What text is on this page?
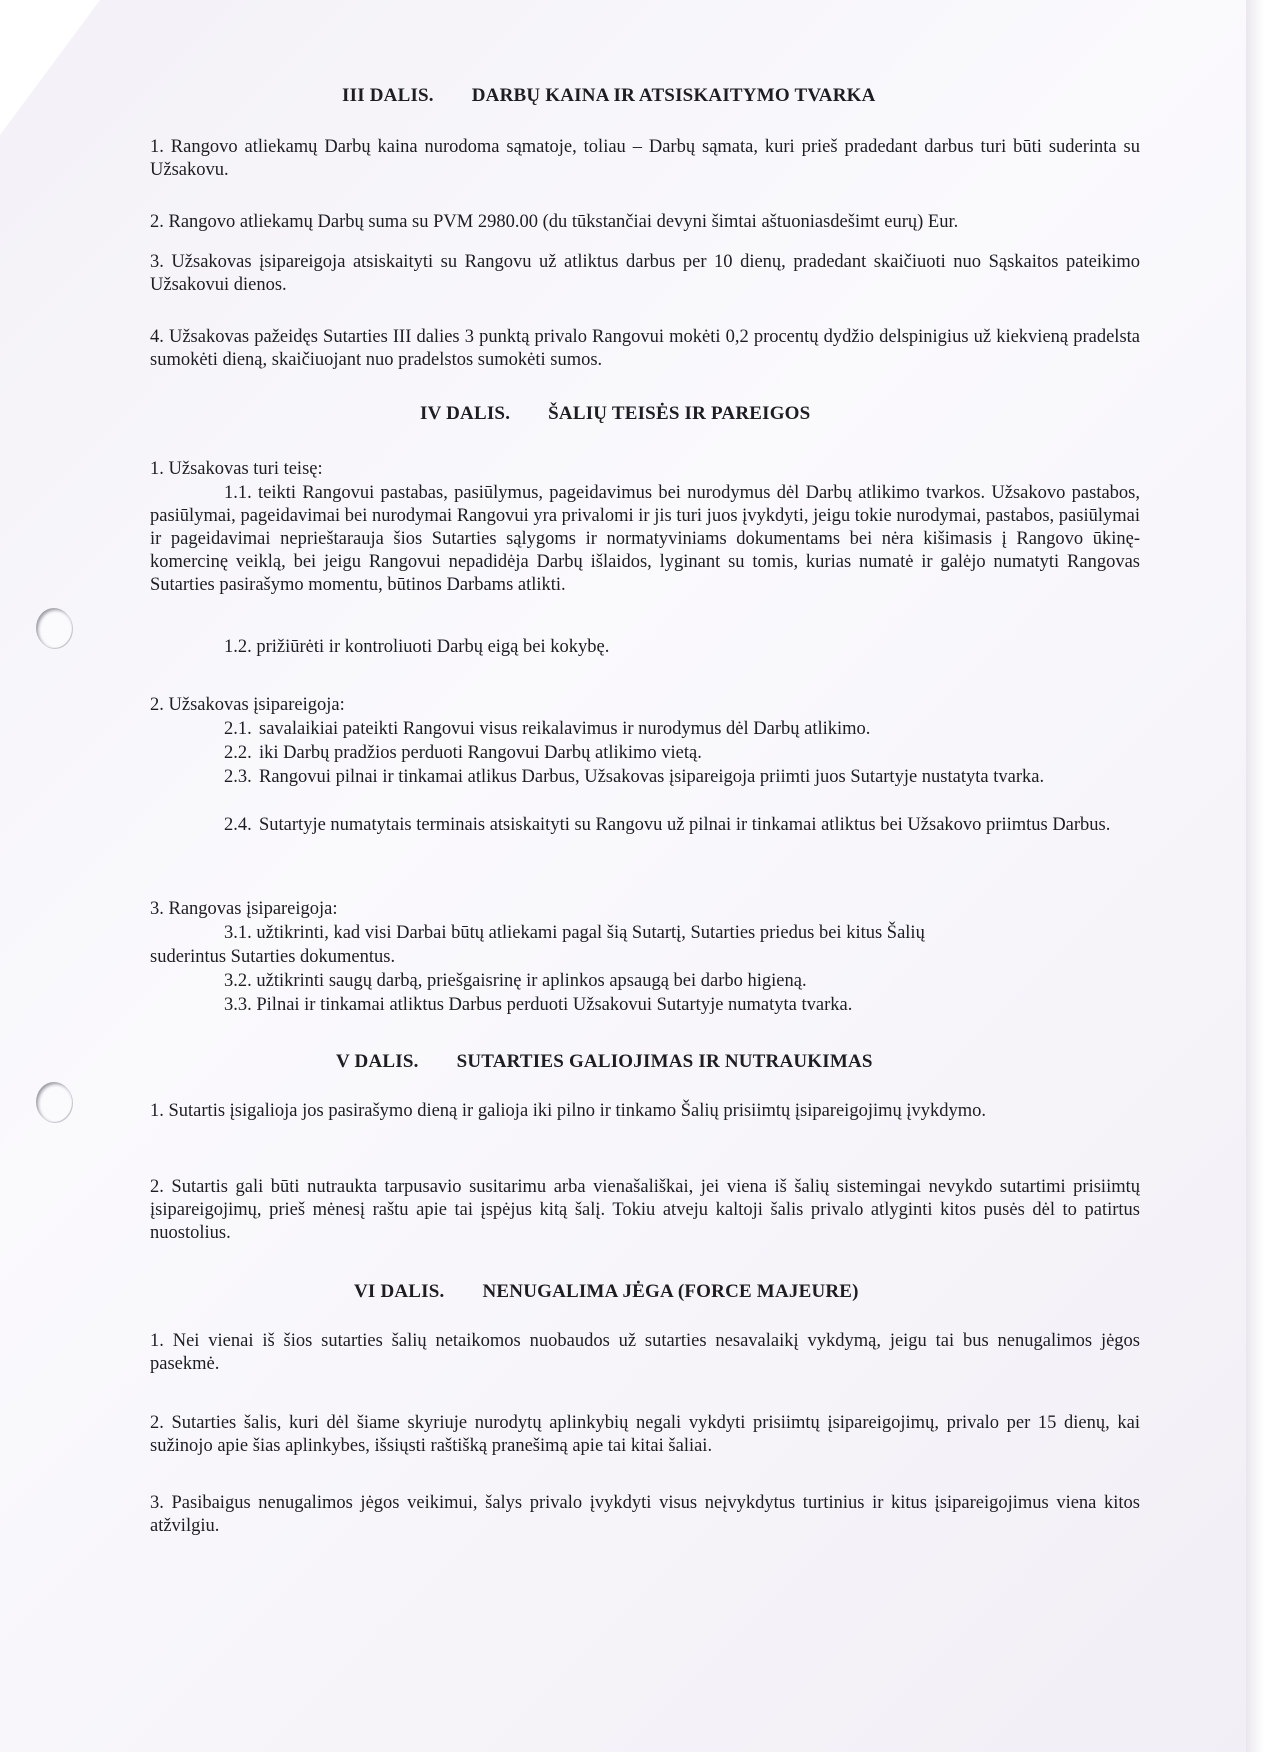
III DALIS. DARBŲ KAINA IR ATSISKAITYMO TVARKA
1. Rangovo atliekamų Darbų kaina nurodoma sąmatoje, toliau – Darbų sąmata, kuri prieš pradedant darbus turi būti suderinta su Užsakovu.
2. Rangovo atliekamų Darbų suma su PVM 2980.00 (du tūkstančiai devyni šimtai aštuoniasdešimt eurų) Eur.
3. Užsakovas įsipareigoja atsiskaityti su Rangovu už atliktus darbus per 10 dienų, pradedant skaičiuoti nuo Sąskaitos pateikimo Užsakovui dienos.
4. Užsakovas pažeidęs Sutarties III dalies 3 punktą privalo Rangovui mokėti 0,2 procentų dydžio delspinigius už kiekvieną pradelsta sumokėti dieną, skaičiuojant nuo pradelstos sumokėti sumos.
IV DALIS. ŠALIŲ TEISĖS IR PAREIGOS
1. Užsakovas turi teisę:
1.1. teikti Rangovui pastabas, pasiūlymus, pageidavimus bei nurodymus dėl Darbų atlikimo tvarkos. Užsakovo pastabos, pasiūlymai, pageidavimai bei nurodymai Rangovui yra privalomi ir jis turi juos įvykdyti, jeigu tokie nurodymai, pastabos, pasiūlymai ir pageidavimai neprieštarauja šios Sutarties sąlygoms ir normatyviniams dokumentams bei nėra kišimasis į Rangovo ūkinę-komercinę veiklą, bei jeigu Rangovui nepadidėja Darbų išlaidos, lyginant su tomis, kurias numatė ir galėjo numatyti Rangovas Sutarties pasirašymo momentu, būtinos Darbams atlikti.
1.2. prižiūrėti ir kontroliuoti Darbų eigą bei kokybę.
2. Užsakovas įsipareigoja:
2.1. savalaikiai pateikti Rangovui visus reikalavimus ir nurodymus dėl Darbų atlikimo.
2.2. iki Darbų pradžios perduoti Rangovui Darbų atlikimo vietą.
2.3. Rangovui pilnai ir tinkamai atlikus Darbus, Užsakovas įsipareigoja priimti juos Sutartyje nustatyta tvarka.
2.4. Sutartyje numatytais terminais atsiskaityti su Rangovu už pilnai ir tinkamai atliktus bei Užsakovo priimtus Darbus.
3. Rangovas įsipareigoja:
3.1. užtikrinti, kad visi Darbai būtų atliekami pagal šią Sutartį, Sutarties priedus bei kitus Šalių
suderintus Sutarties dokumentus.
3.2. užtikrinti saugų darbą, priešgaisrinę ir aplinkos apsaugą bei darbo higieną.
3.3. Pilnai ir tinkamai atliktus Darbus perduoti Užsakovui Sutartyje numatyta tvarka.
V DALIS. SUTARTIES GALIOJIMAS IR NUTRAUKIMAS
1. Sutartis įsigalioja jos pasirašymo dieną ir galioja iki pilno ir tinkamo Šalių prisiimtų įsipareigojimų įvykdymo.
2. Sutartis gali būti nutraukta tarpusavio susitarimu arba vienašališkai, jei viena iš šalių sistemingai nevykdo sutartimi prisiimtų įsipareigojimų, prieš mėnesį raštu apie tai įspėjus kitą šalį. Tokiu atveju kaltoji šalis privalo atlyginti kitos pusės dėl to patirtus nuostolius.
VI DALIS. NENUGALIMA JĖGA (FORCE MAJEURE)
1. Nei vienai iš šios sutarties šalių netaikomos nuobaudos už sutarties nesavalaikį vykdymą, jeigu tai bus nenugalimos jėgos pasekmė.
2. Sutarties šalis, kuri dėl šiame skyriuje nurodytų aplinkybių negali vykdyti prisiimtų įsipareigojimų, privalo per 15 dienų, kai sužinojo apie šias aplinkybes, išsiųsti raštišką pranešimą apie tai kitai šaliai.
3. Pasibaigus nenugalimos jėgos veikimui, šalys privalo įvykdyti visus neįvykdytus turtinius ir kitus įsipareigojimus viena kitos atžvilgiu.
